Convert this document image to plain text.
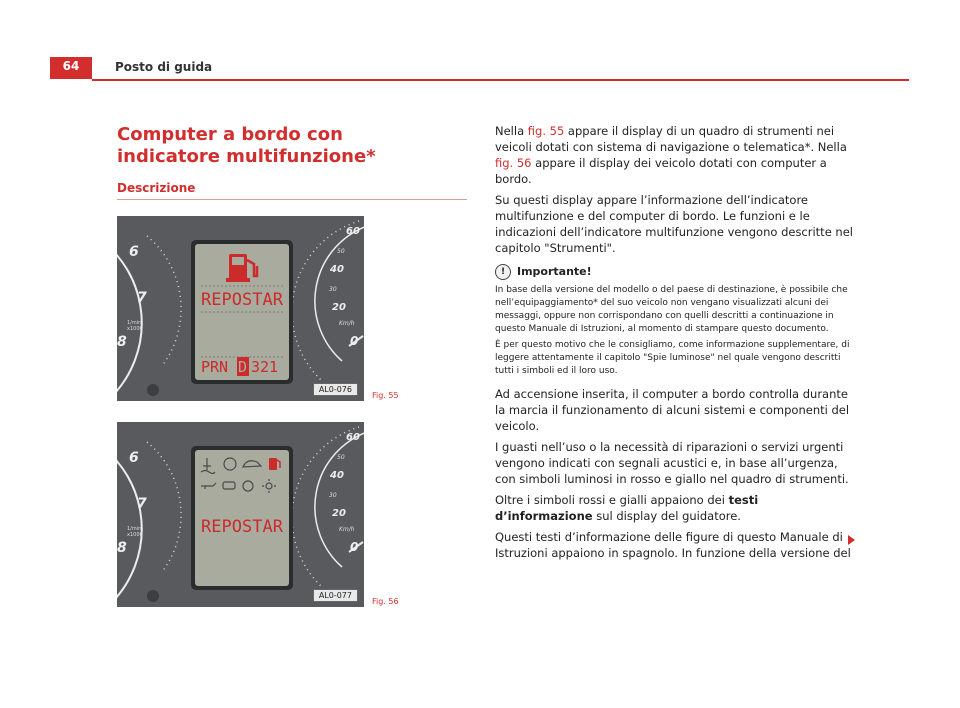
64	Posto di guida
Computer a bordo con indicatore multifunzione*
Descrizione
REPOSTAR
PRN D 321
6
7
8
1/min
x1000
60
50
40
30
20
Km/h
0
AL0-076
Fig. 55
REPOSTAR
6
7
8
1/min
x1000
60
50
40
30
20
Km/h
0
AL0-077
Fig. 56

Nella fig. 55 appare il display di un quadro di strumenti nei veicoli dotati con sistema di navigazione o telematica*. Nella fig. 56 appare il display dei veicolo dotati con computer a bordo.

Su questi display appare l’informazione dell’indicatore multifunzione e del computer di bordo. Le funzioni e le indicazioni dell’indicatore multifunzione vengono descritte nel capitolo "Strumenti".

!	Importante!

In base della versione del modello o del paese di destinazione, è possibile che nell’equipaggiamento* del suo veicolo non vengano visualizzati alcuni dei messaggi, oppure non corrispondano con quelli descritti a continuazione in questo Manuale di Istruzioni, al momento di stampare questo documento.

È per questo motivo che le consigliamo, come informazione supplementare, di leggere attentamente il capitolo "Spie luminose" nel quale vengono descritti tutti i simboli ed il loro uso.

Ad accensione inserita, il computer a bordo controlla durante la marcia il funzionamento di alcuni sistemi e componenti del veicolo.

I guasti nell’uso o la necessità di riparazioni o servizi urgenti vengono indicati con segnali acustici e, in base all’urgenza, con simboli luminosi in rosso e giallo nel quadro di strumenti.

Oltre i simboli rossi e gialli appaiono dei testi d’informazione sul display del guidatore.

Questi testi d’informazione delle figure di questo Manuale di Istruzioni appaiono in spagnolo. In funzione della versione del
